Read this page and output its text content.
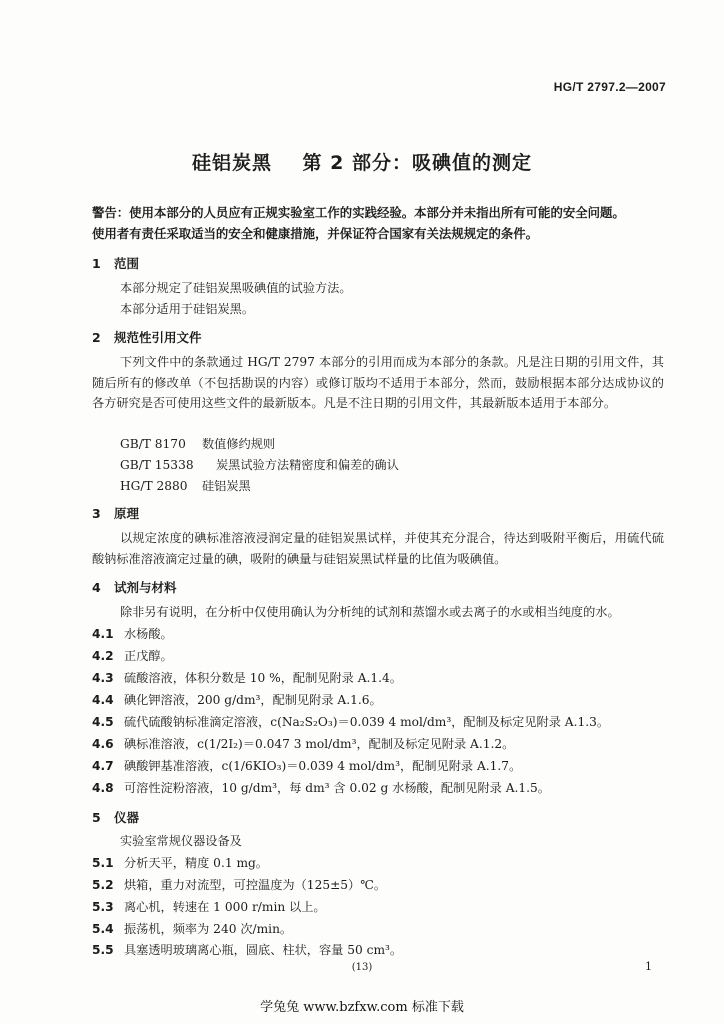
HG/T 2797.2—2007
硅铝炭黑    第 2 部分：吸碘值的测定
警告：使用本部分的人员应有正规实验室工作的实践经验。本部分并未指出所有可能的安全问题。
使用者有责任采取适当的安全和健康措施，并保证符合国家有关法规规定的条件。
1 范围
本部分规定了硅铝炭黑吸碘值的试验方法。
本部分适用于硅铝炭黑。
2 规范性引用文件
下列文件中的条款通过 HG/T 2797 本部分的引用而成为本部分的条款。凡是注日期的引用文件，其随后所有的修改单（不包括勘误的内容）或修订版均不适用于本部分，然而，鼓励根据本部分达成协议的各方研究是否可使用这些文件的最新版本。凡是不注日期的引用文件，其最新版本适用于本部分。
GB/T 8170 数值修约规则
GB/T 15338 炭黑试验方法精密度和偏差的确认
HG/T 2880 硅铝炭黑
3 原理
以规定浓度的碘标准溶液浸润定量的硅铝炭黑试样，并使其充分混合，待达到吸附平衡后，用硫代硫酸钠标准溶液滴定过量的碘，吸附的碘量与硅铝炭黑试样量的比值为吸碘值。
4 试剂与材料
除非另有说明，在分析中仅使用确认为分析纯的试剂和蒸馏水或去离子的水或相当纯度的水。
4.1 水杨酸。
4.2 正戊醇。
4.3 硫酸溶液，体积分数是 10 %，配制见附录 A.1.4。
4.4 碘化钾溶液，200 g/dm³，配制见附录 A.1.6。
4.5 硫代硫酸钠标准滴定溶液，c(Na₂S₂O₃)＝0.039 4 mol/dm³，配制及标定见附录 A.1.3。
4.6 碘标准溶液，c(1/2I₂)＝0.047 3 mol/dm³，配制及标定见附录 A.1.2。
4.7 碘酸钾基准溶液，c(1/6KIO₃)＝0.039 4 mol/dm³，配制见附录 A.1.7。
4.8 可溶性淀粉溶液，10 g/dm³，每 dm³ 含 0.02 g 水杨酸，配制见附录 A.1.5。
5 仪器
实验室常规仪器设备及
5.1 分析天平，精度 0.1 mg。
5.2 烘箱，重力对流型，可控温度为（125±5）℃。
5.3 离心机，转速在 1 000 r/min 以上。
5.4 振荡机，频率为 240 次/min。
5.5 具塞透明玻璃离心瓶，圆底、柱状，容量 50 cm³。
(13)	1
学兔兔 www.bzfxw.com 标准下载
